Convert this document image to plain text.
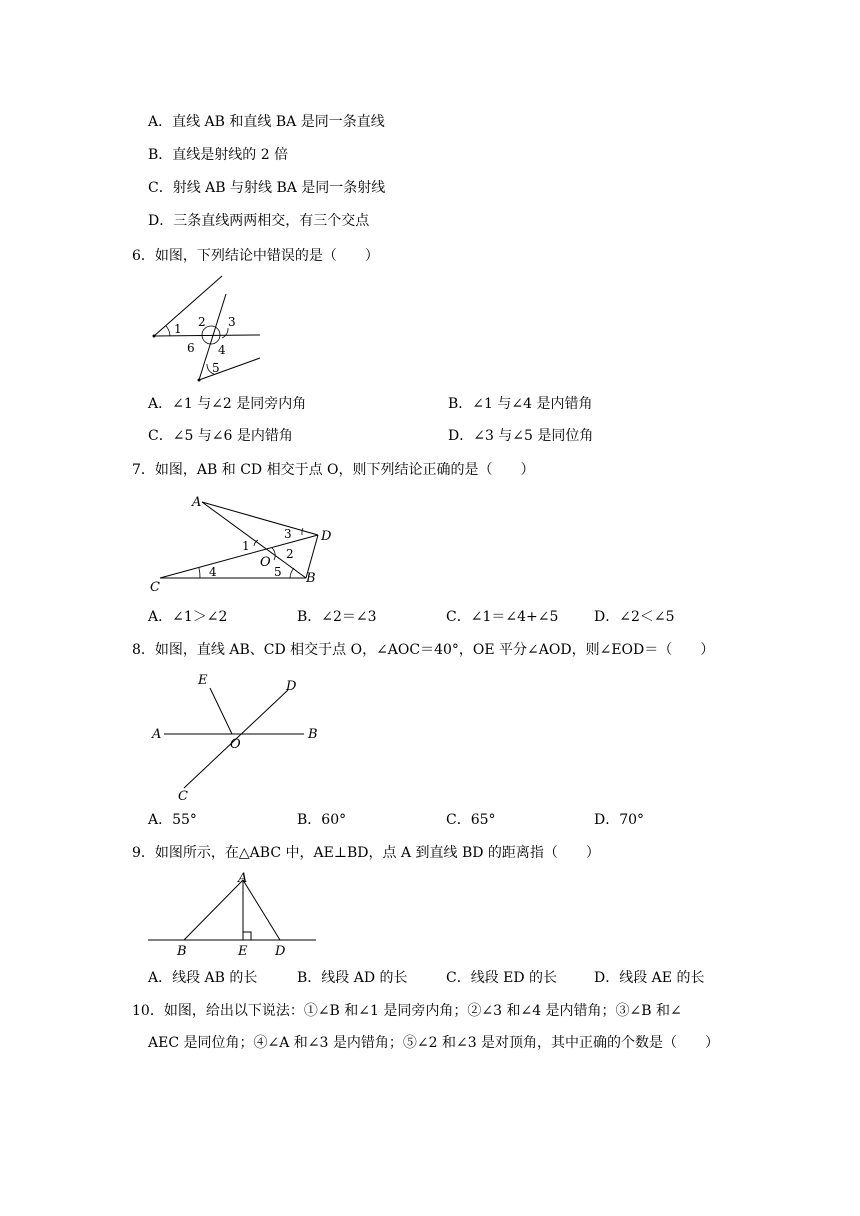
A．直线 AB 和直线 BA 是同一条直线
B．直线是射线的 2 倍
C．射线 AB 与射线 BA 是同一条射线
D．三条直线两两相交，有三个交点
6．如图，下列结论中错误的是（　　）
1 2 3
4
5
6
A．∠1 与∠2 是同旁内角	B．∠1 与∠4 是内错角
C．∠5 与∠6 是内错角	D．∠3 与∠5 是同位角
7．如图，AB 和 CD 相交于点 O，则下列结论正确的是（　　）
A
D
C
B
O
1
2
3
4	5
A．∠1＞∠2	B．∠2＝∠3	C．∠1＝∠4+∠5	D．∠2＜∠5
8．如图，直线 AB、CD 相交于点 O，∠AOC＝40°，OE 平分∠AOD，则∠EOD＝（　　）
E	D
A	B
O
C
A．55°	B．60°	C．65°	D．70°
9．如图所示，在△ABC 中，AE⊥BD，点 A 到直线 BD 的距离指（　　）
A
B	E D
A．线段 AB 的长	B．线段 AD 的长	C．线段 ED 的长	D．线段 AE 的长
10．如图，给出以下说法：①∠B 和∠1 是同旁内角；②∠3 和∠4 是内错角；③∠B 和∠
AEC 是同位角；④∠A 和∠3 是内错角；⑤∠2 和∠3 是对顶角，其中正确的个数是（　　）
